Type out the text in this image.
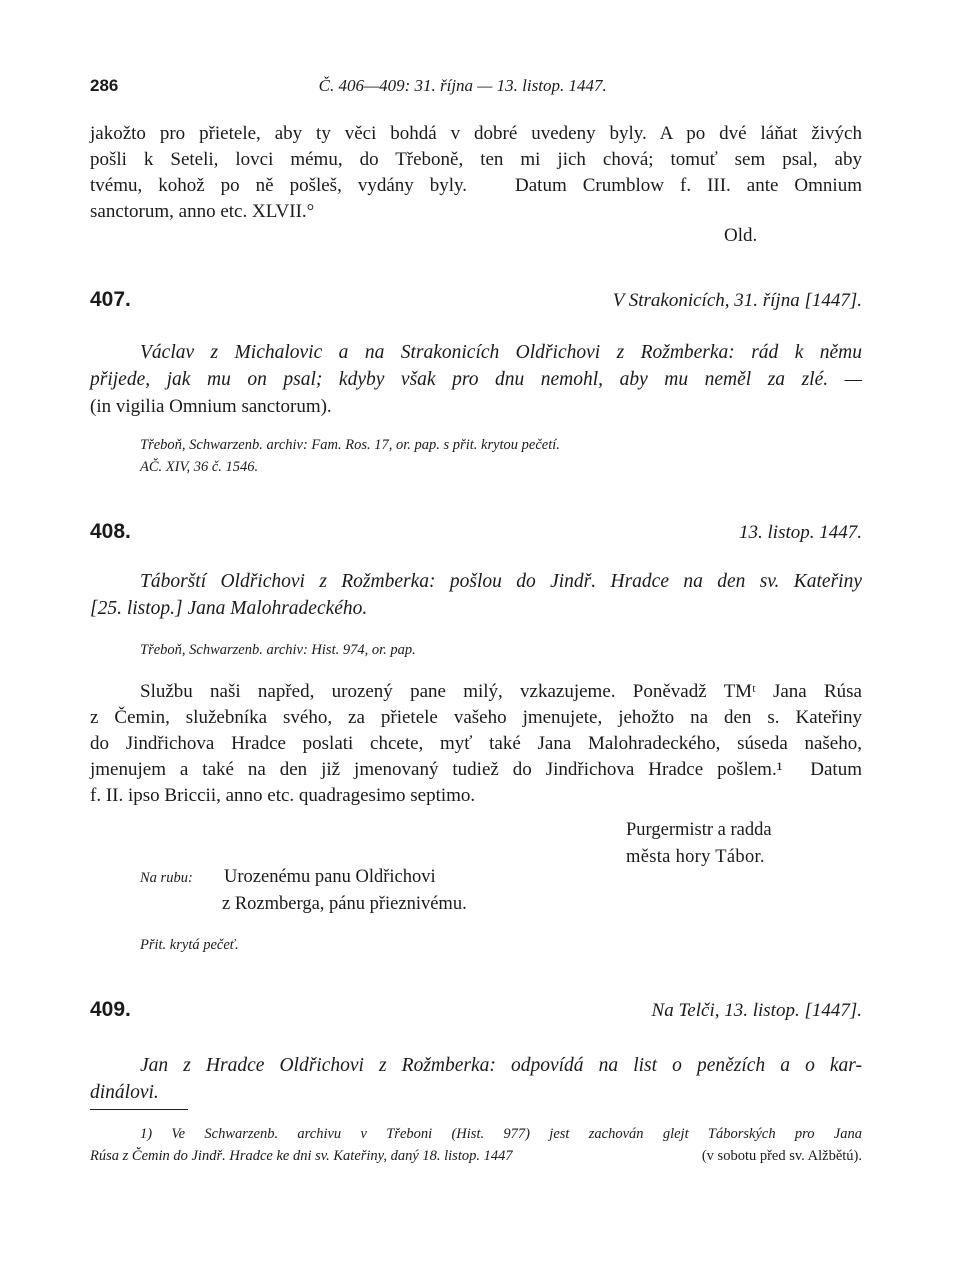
286	Č. 406—409: 31. října — 13. listop. 1447.
jakožto pro přietele, aby ty věci bohdá v dobré uvedeny byly. A po dvé láňat živých
pošli k Seteli, lovci mému, do Třeboně, ten mi jich chová; tomuť sem psal, aby
tvému, kohož po ně pošleš, vydány byly.   Datum Crumblow f. III. ante Omnium
sanctorum, anno etc. XLVII.°
Old.
407.	V Strakonicích, 31. října [1447].
Václav z Michalovic a na Strakonicích Oldřichovi z Rožmberka: rád k němu
přijede, jak mu on psal; kdyby však pro dnu nemohl, aby mu neměl za zlé. —
(in vigilia Omnium sanctorum).
Třeboň, Schwarzenb. archiv: Fam. Ros. 17, or. pap. s přit. krytou pečetí.
AČ. XIV, 36 č. 1546.
408.	13. listop. 1447.
Táborští Oldřichovi z Rožmberka: pošlou do Jindř. Hradce na den sv. Kateřiny
[25. listop.] Jana Malohradeckého.
Třeboň, Schwarzenb. archiv: Hist. 974, or. pap.
Službu naši napřed, urozený pane milý, vzkazujeme. Poněvadž TMᵗ Jana Rúsa
z Čemin, služebníka svého, za přietele vašeho jmenujete, jehožto na den s. Kateřiny
do Jindřichova Hradce poslati chcete, myť také Jana Malohradeckého, súseda našeho,
jmenujem a také na den již jmenovaný tudiež do Jindřichova Hradce pošlem.¹  Datum
f. II. ipso Briccii, anno etc. quadragesimo septimo.
Purgermistr a radda
města hory Tábor.
Na rubu: Urozenému panu Oldřichovi
z Rozmberga, pánu přieznivému.
Přit. krytá pečeť.
409.	Na Telči, 13. listop. [1447].
Jan z Hradce Oldřichovi z Rožmberka: odpovídá na list o penězích a o kar-
dinálovi.
1) Ve Schwarzenb. archivu v Třeboni (Hist. 977) jest zachován glejt Táborských pro Jana
Rúsa z Čemin do Jindř. Hradce ke dni sv. Kateřiny, daný 18. listop. 1447	(v sobotu před sv. Alžbětú).
